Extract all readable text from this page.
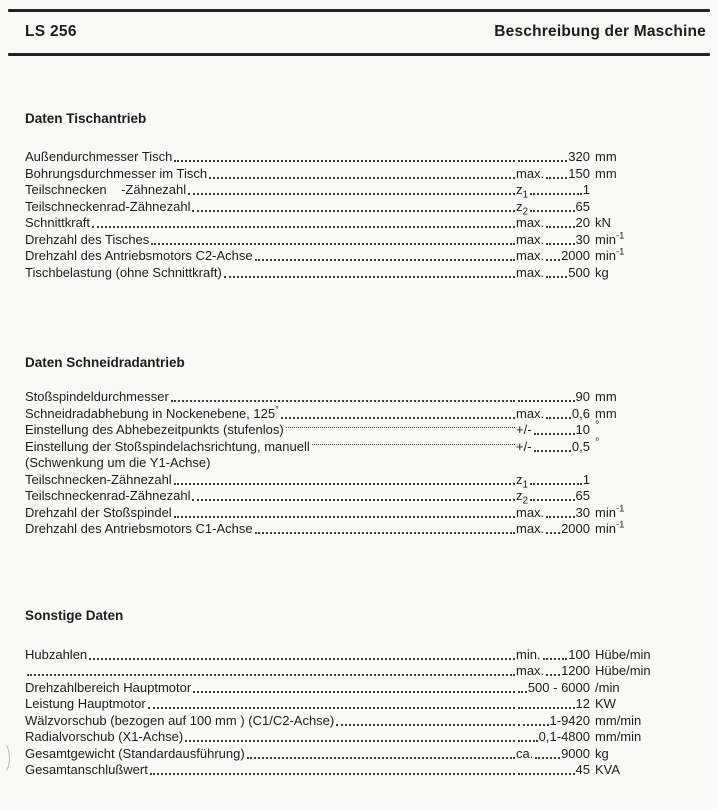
LS 256	Beschreibung der Maschine
Daten Tischantrieb
Außendurchmesser Tisch	320 mm
Bohrungsdurchmesser im Tisch	max. 150 mm
Teilschnecken    -Zähnezahl	$z_1$	1
Teilschneckenrad-Zähnezahl	$z_2$	65
Schnittkraft	max. 20 kN
Drehzahl des Tisches	max. 30 $\min^{-1}$
Drehzahl des Antriebsmotors C2-Achse	max. 2000 $\min^{-1}$
Tischbelastung (ohne Schnittkraft)	max. 500 kg
Daten Schneidradantrieb
Stoßspindeldurchmesser	90 mm
Schneidradabhebung in Nockenebene, 125°	max. 0,6 mm
Einstellung des Abhebezeitpunkts (stufenlos)	+/-	10 °
Einstellung der Stoßspindelachsrichtung, manuell	+/-	0,5 °
(Schwenkung um die Y1-Achse)
Teilschnecken-Zähnezahl	$z_1$	1
Teilschneckenrad-Zähnezahl	$z_2$	65
Drehzahl der Stoßspindel	max. 30 $\min^{-1}$
Drehzahl des Antriebsmotors C1-Achse	max. 2000 $\min^{-1}$
Sonstige Daten
Hubzahlen	min. 100 Hübe/min
max. 1200 Hübe/min
Drehzahlbereich Hauptmotor	500 - 6000 /min
Leistung Hauptmotor	12 KW
Wälzvorschub (bezogen auf 100 mm ) (C1/C2-Achse)	1-9420 mm/min
Radialvorschub (X1-Achse)	0,1-4800 mm/min
Gesamtgewicht (Standardausführung)	ca. 9000 kg
Gesamtanschlußwert	45 KVA
